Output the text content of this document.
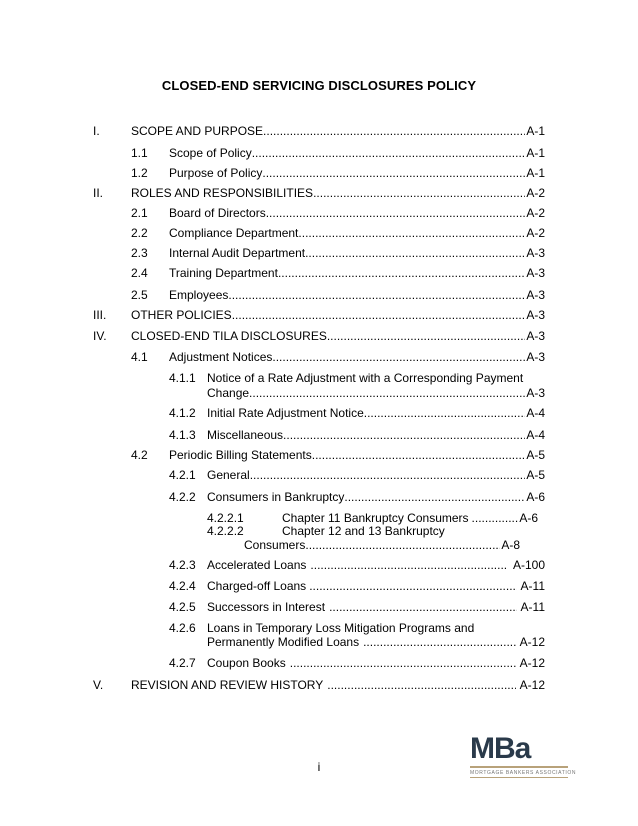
CLOSED-END SERVICING DISCLOSURES POLICY
I.	SCOPE AND PURPOSE .....	A-1
1.1 Scope of Policy .....	A-1
1.2 Purpose of Policy .....	A-1
II. ROLES AND RESPONSIBILITIES .....	A-2
2.1 Board of Directors .....	A-2
2.2 Compliance Department .....	A-2
2.3 Internal Audit Department .....	A-3
2.4 Training Department .....	A-3
2.5 Employees .....	A-3
III. OTHER POLICIES .....	A-3
IV. CLOSED-END TILA DISCLOSURES .....	A-3
4.1 Adjustment Notices .....	A-3
4.1.1 Notice of a Rate Adjustment with a Corresponding Payment
Change .....	A-3
4.1.2 Initial Rate Adjustment Notice .....	A-4
4.1.3 Miscellaneous .....	A-4
4.2 Periodic Billing Statements .....	A-5
4.2.1 General .....	A-5
4.2.2 Consumers in Bankruptcy .....	A-6
4.2.2.1	Chapter 11 Bankruptcy Consumers .....	A-6
4.2.2.2	Chapter 12 and 13 Bankruptcy
Consumers .....	A-8
4.2.3 Accelerated Loans .....	A-100
4.2.4 Charged-off Loans .....	A-11
4.2.5 Successors in Interest .....	A-11
4.2.6 Loans in Temporary Loss Mitigation Programs and
Permanently Modified Loans .....	A-12
4.2.7 Coupon Books .....	A-12
V. REVISION AND REVIEW HISTORY .....	A-12
i
MBa
MORTGAGE BANKERS ASSOCIATION
